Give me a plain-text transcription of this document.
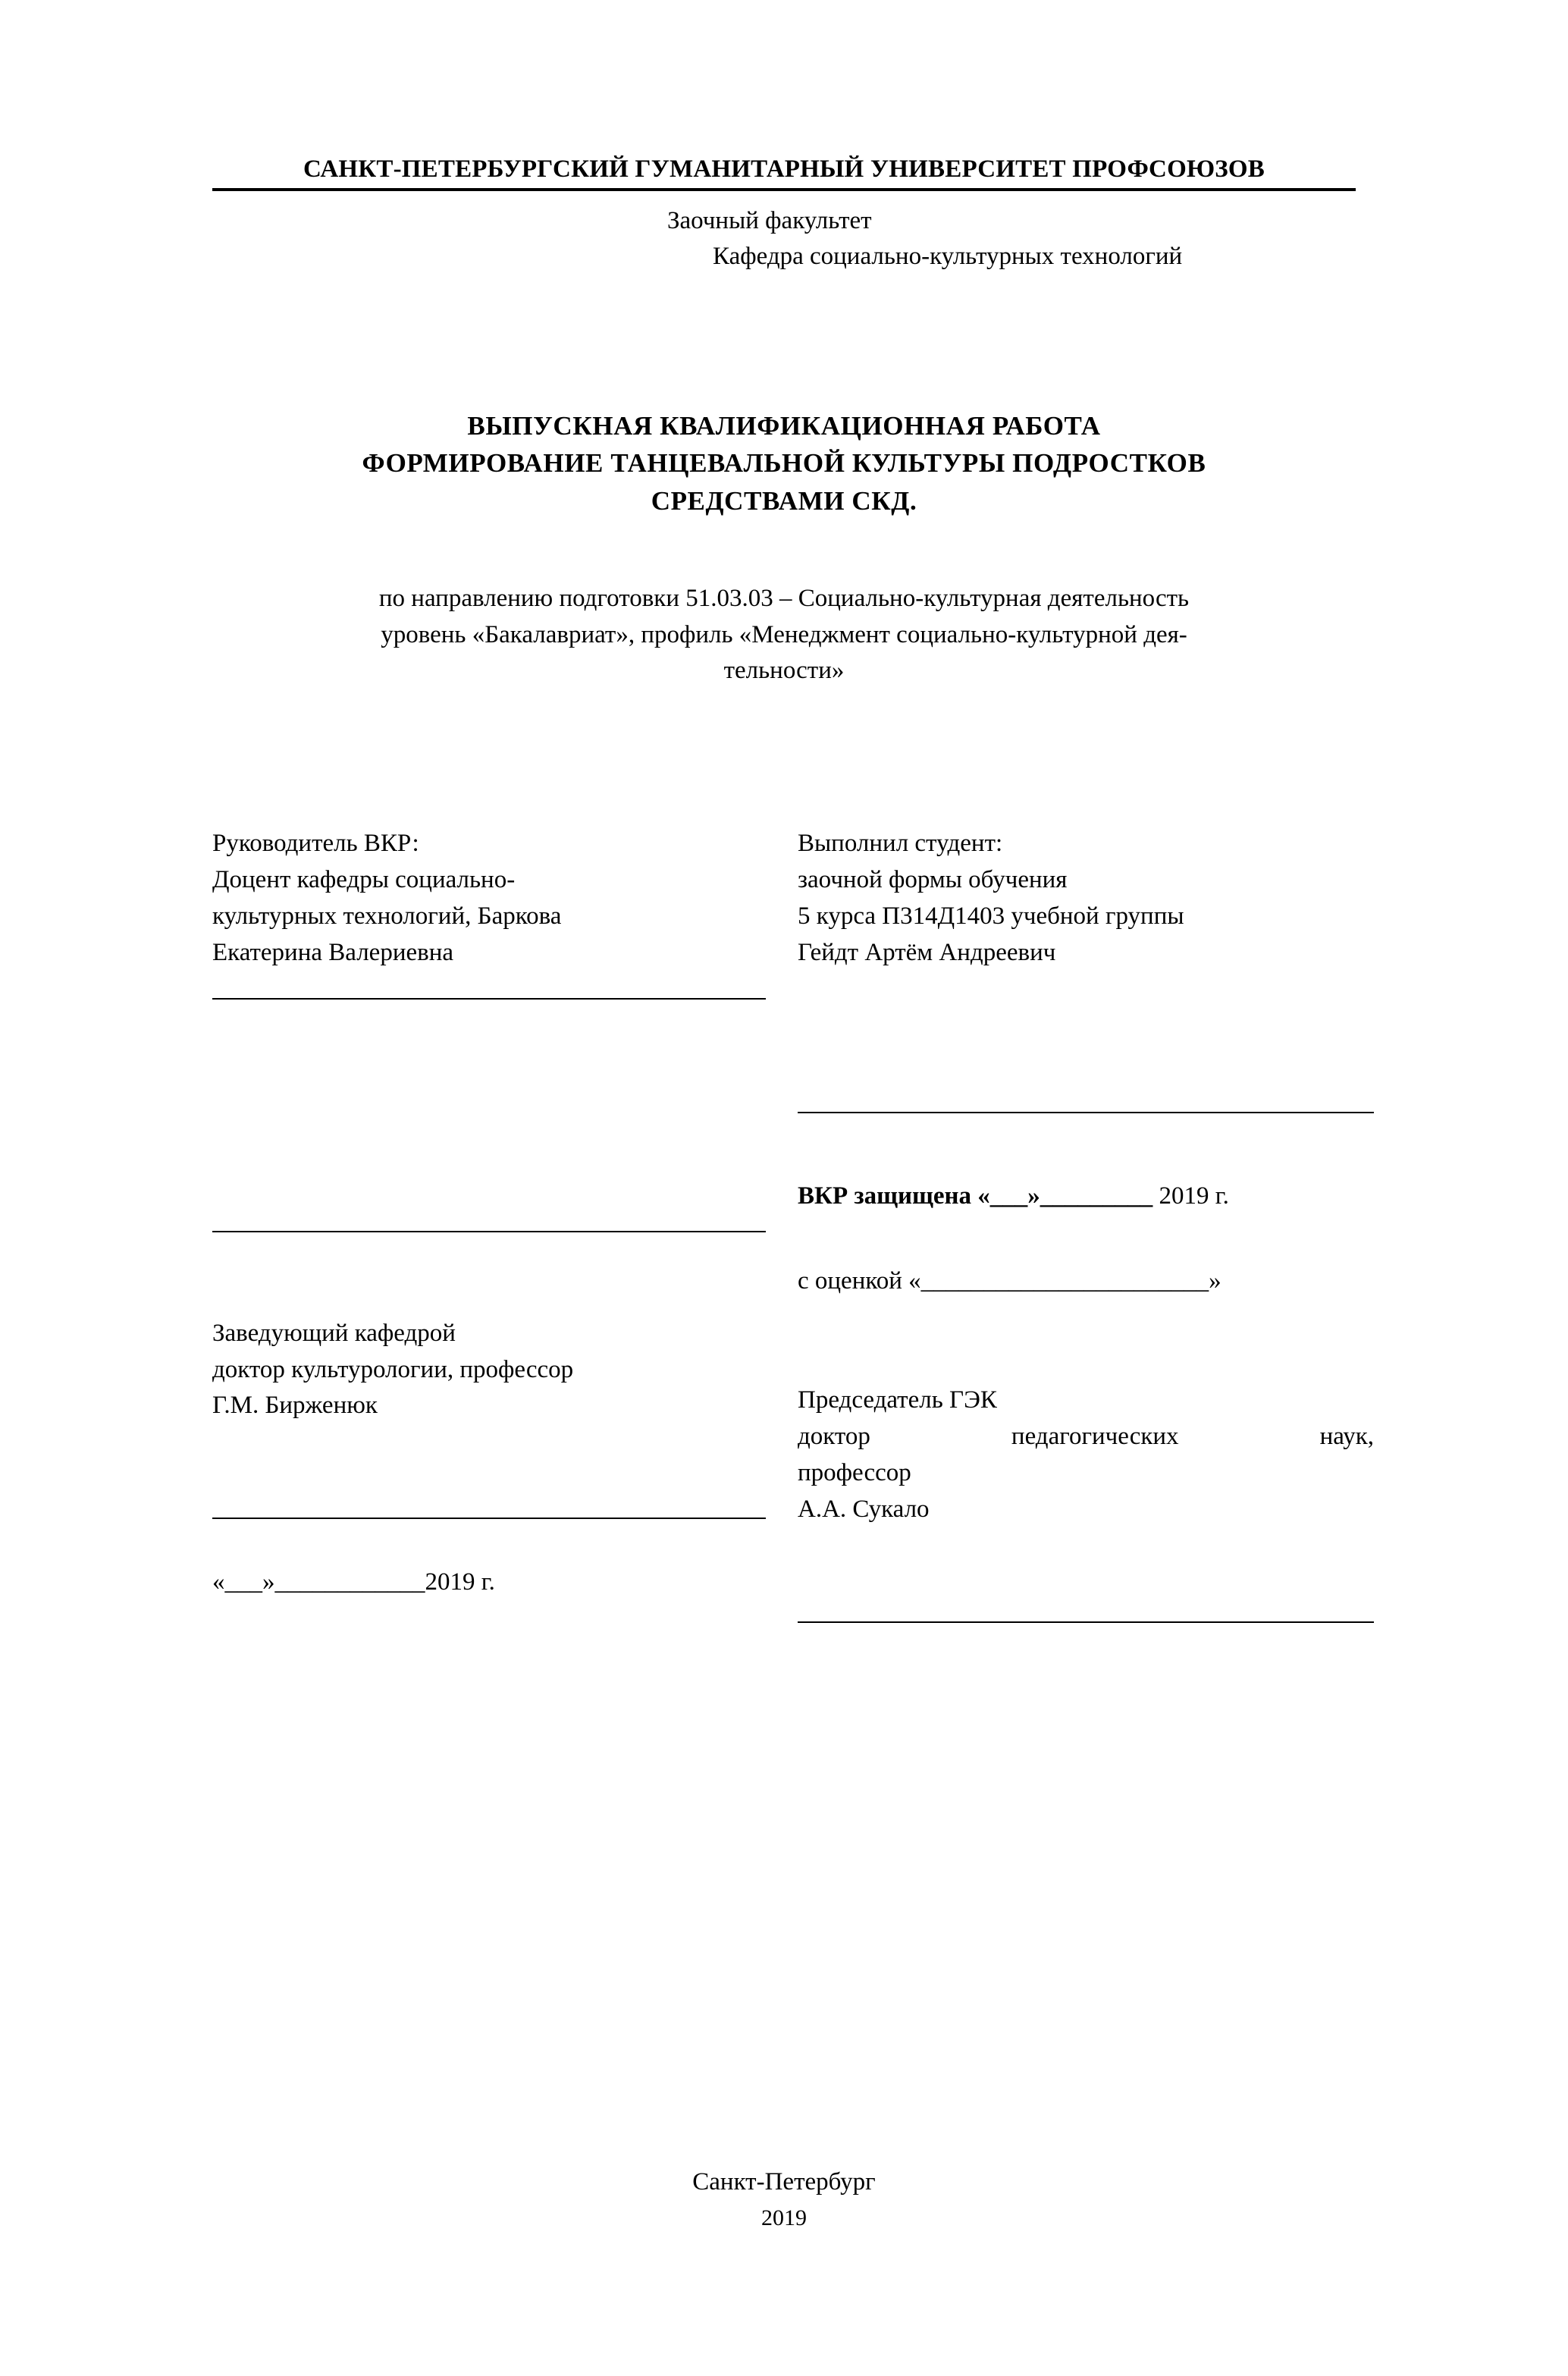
САНКТ-ПЕТЕРБУРГСКИЙ ГУМАНИТАРНЫЙ УНИВЕРСИТЕТ ПРОФСОЮЗОВ
Заочный факультет
Кафедра социально-культурных технологий
ВЫПУСКНАЯ КВАЛИФИКАЦИОННАЯ РАБОТА
ФОРМИРОВАНИЕ ТАНЦЕВАЛЬНОЙ КУЛЬТУРЫ ПОДРОСТКОВ
СРЕДСТВАМИ СКД.
по направлению подготовки 51.03.03 – Социально-культурная деятельность
уровень «Бакалавриат», профиль «Менеджмент социально-культурной дея-
тельности»
Руководитель ВКР:
Доцент кафедры социально-
культурных технологий, Баркова
Екатерина Валериевна
Заведующий кафедрой
доктор культурологии, профессор
Г.М. Бирженюк
«___»____________2019 г.
Выполнил студент:
заочной формы обучения
5 курса П314Д1403 учебной группы
Гейдт Артём Андреевич
ВКР защищена «___»_________ 2019 г.
с оценкой «_______________________»
Председатель ГЭК
доктор	педагогических	наук,
профессор
А.А. Сукало
Санкт-Петербург
2019
